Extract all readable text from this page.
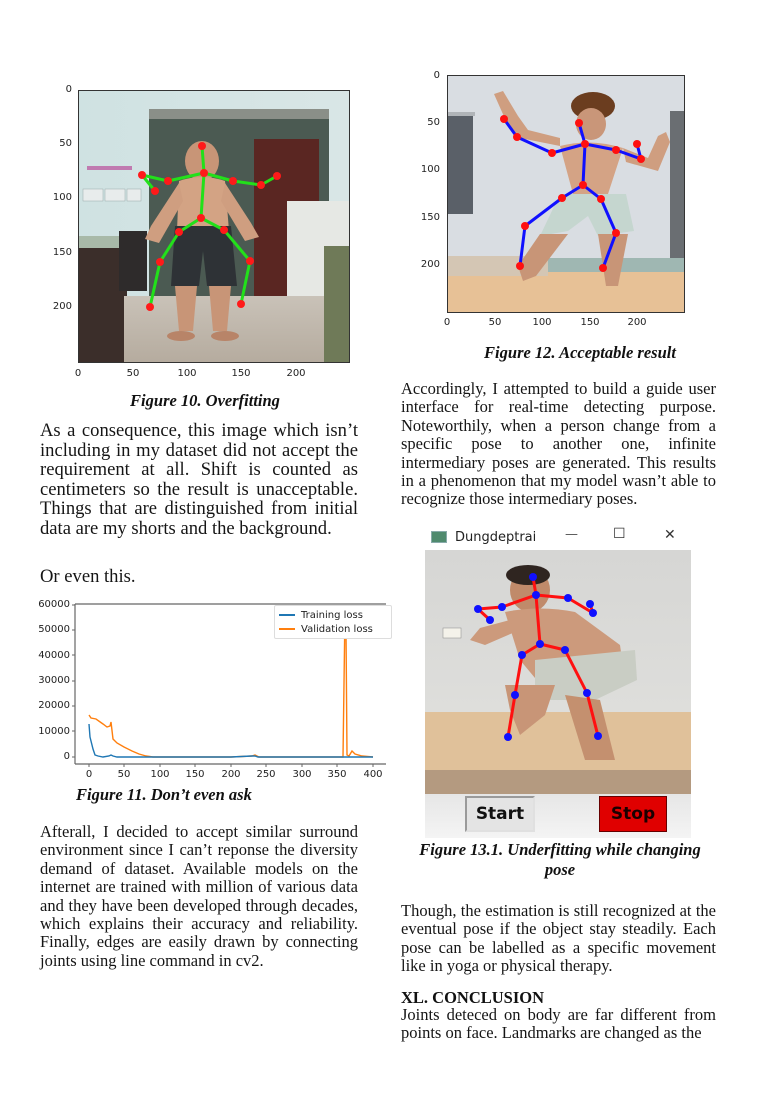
0
50
100
150
200
0	50	100	150	200
Figure 10. Overfitting

As a consequence, this image which isn’t including in my dataset did not accept the requirement at all. Shift is counted as centimeters so the result is unacceptable. Things that are distinguished from initial data are my shorts and the background.

Or even this.

60000
50000
40000
30000
20000
10000
0
Training loss
Validation loss
0	50 100 150 200 250 300 350 400
Figure 11. Don’t even ask

Afterall, I decided to accept similar surround environment since I can’t reponse the diversity demand of dataset. Available models on the internet are trained with million of various data and they have been developed through decades, which explains their accuracy and reliability. Finally, edges are easily drawn by connecting joints using line command in cv2.

0
50
100
150
200
0	50	100	150	200
Figure 12. Acceptable result

Accordingly, I attempted to build a guide user interface for real-time detecting purpose. Noteworthily, when a person change from a specific pose to another one, infinite intermediary poses are generated. This results in a phenomenon that my model wasn’t able to recognize those intermediary poses.

Dungdeptrai —	☐	✕
Start	Stop
Figure 13.1. Underfitting while changing pose

Though, the estimation is still recognized at the eventual pose if the object stay steadily. Each pose can be labelled as a specific movement like in yoga or physical therapy.

XL. CONCLUSION

Joints deteced on body are far different from points on face. Landmarks are changed as the
